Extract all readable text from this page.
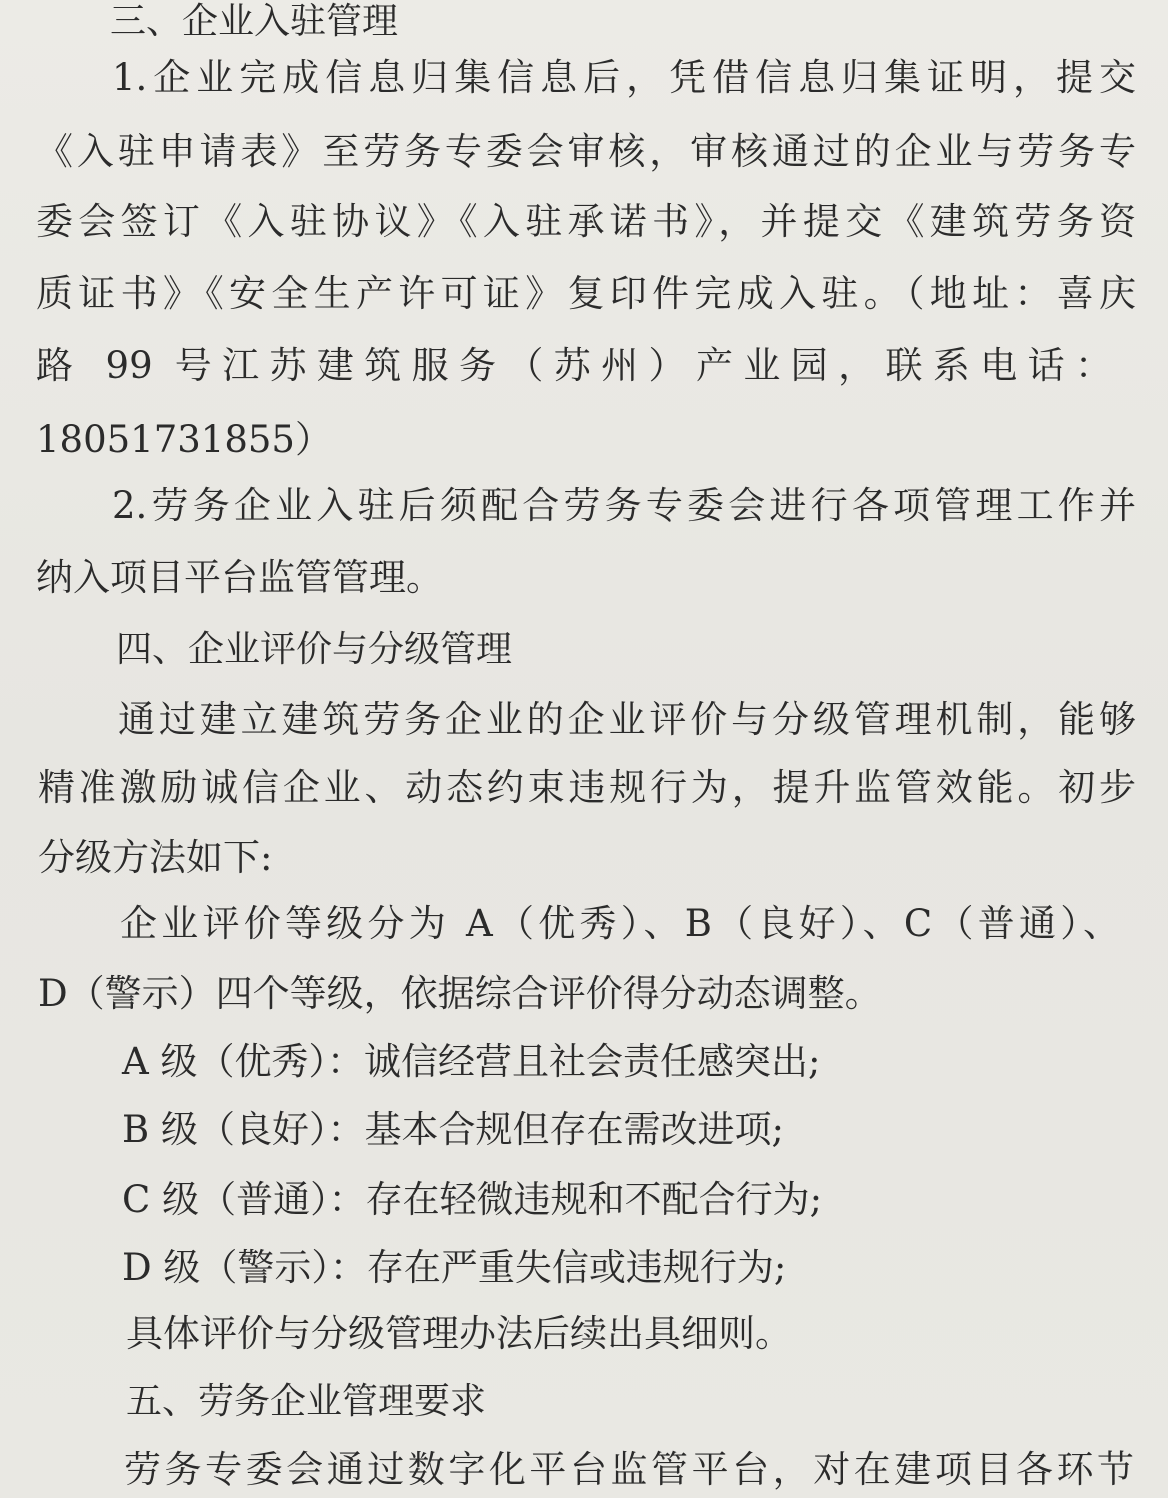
三、企业入驻管理
1.企业完成信息归集信息后，凭借信息归集证明，提交
《入驻申请表》至劳务专委会审核，审核通过的企业与劳务专
委会签订《入驻协议》《入驻承诺书》，并提交《建筑劳务资
质证书》《安全生产许可证》复印件完成入驻。（地址：喜庆
路 99 号江苏建筑服务（苏州）产业园，联系电话：
18051731855）
2.劳务企业入驻后须配合劳务专委会进行各项管理工作并
纳入项目平台监管管理。
四、企业评价与分级管理
通过建立建筑劳务企业的企业评价与分级管理机制，能够
精准激励诚信企业、动态约束违规行为，提升监管效能。初步
分级方法如下:
企业评价等级分为 A（优秀）、B（良好）、C（普通）、
D（警示）四个等级，依据综合评价得分动态调整。
A 级（优秀）：诚信经营且社会责任感突出;
B 级（良好）：基本合规但存在需改进项;
C 级（普通）：存在轻微违规和不配合行为;
D 级（警示）：存在严重失信或违规行为;
具体评价与分级管理办法后续出具细则。
五、劳务企业管理要求
劳务专委会通过数字化平台监管平台，对在建项目各环节
